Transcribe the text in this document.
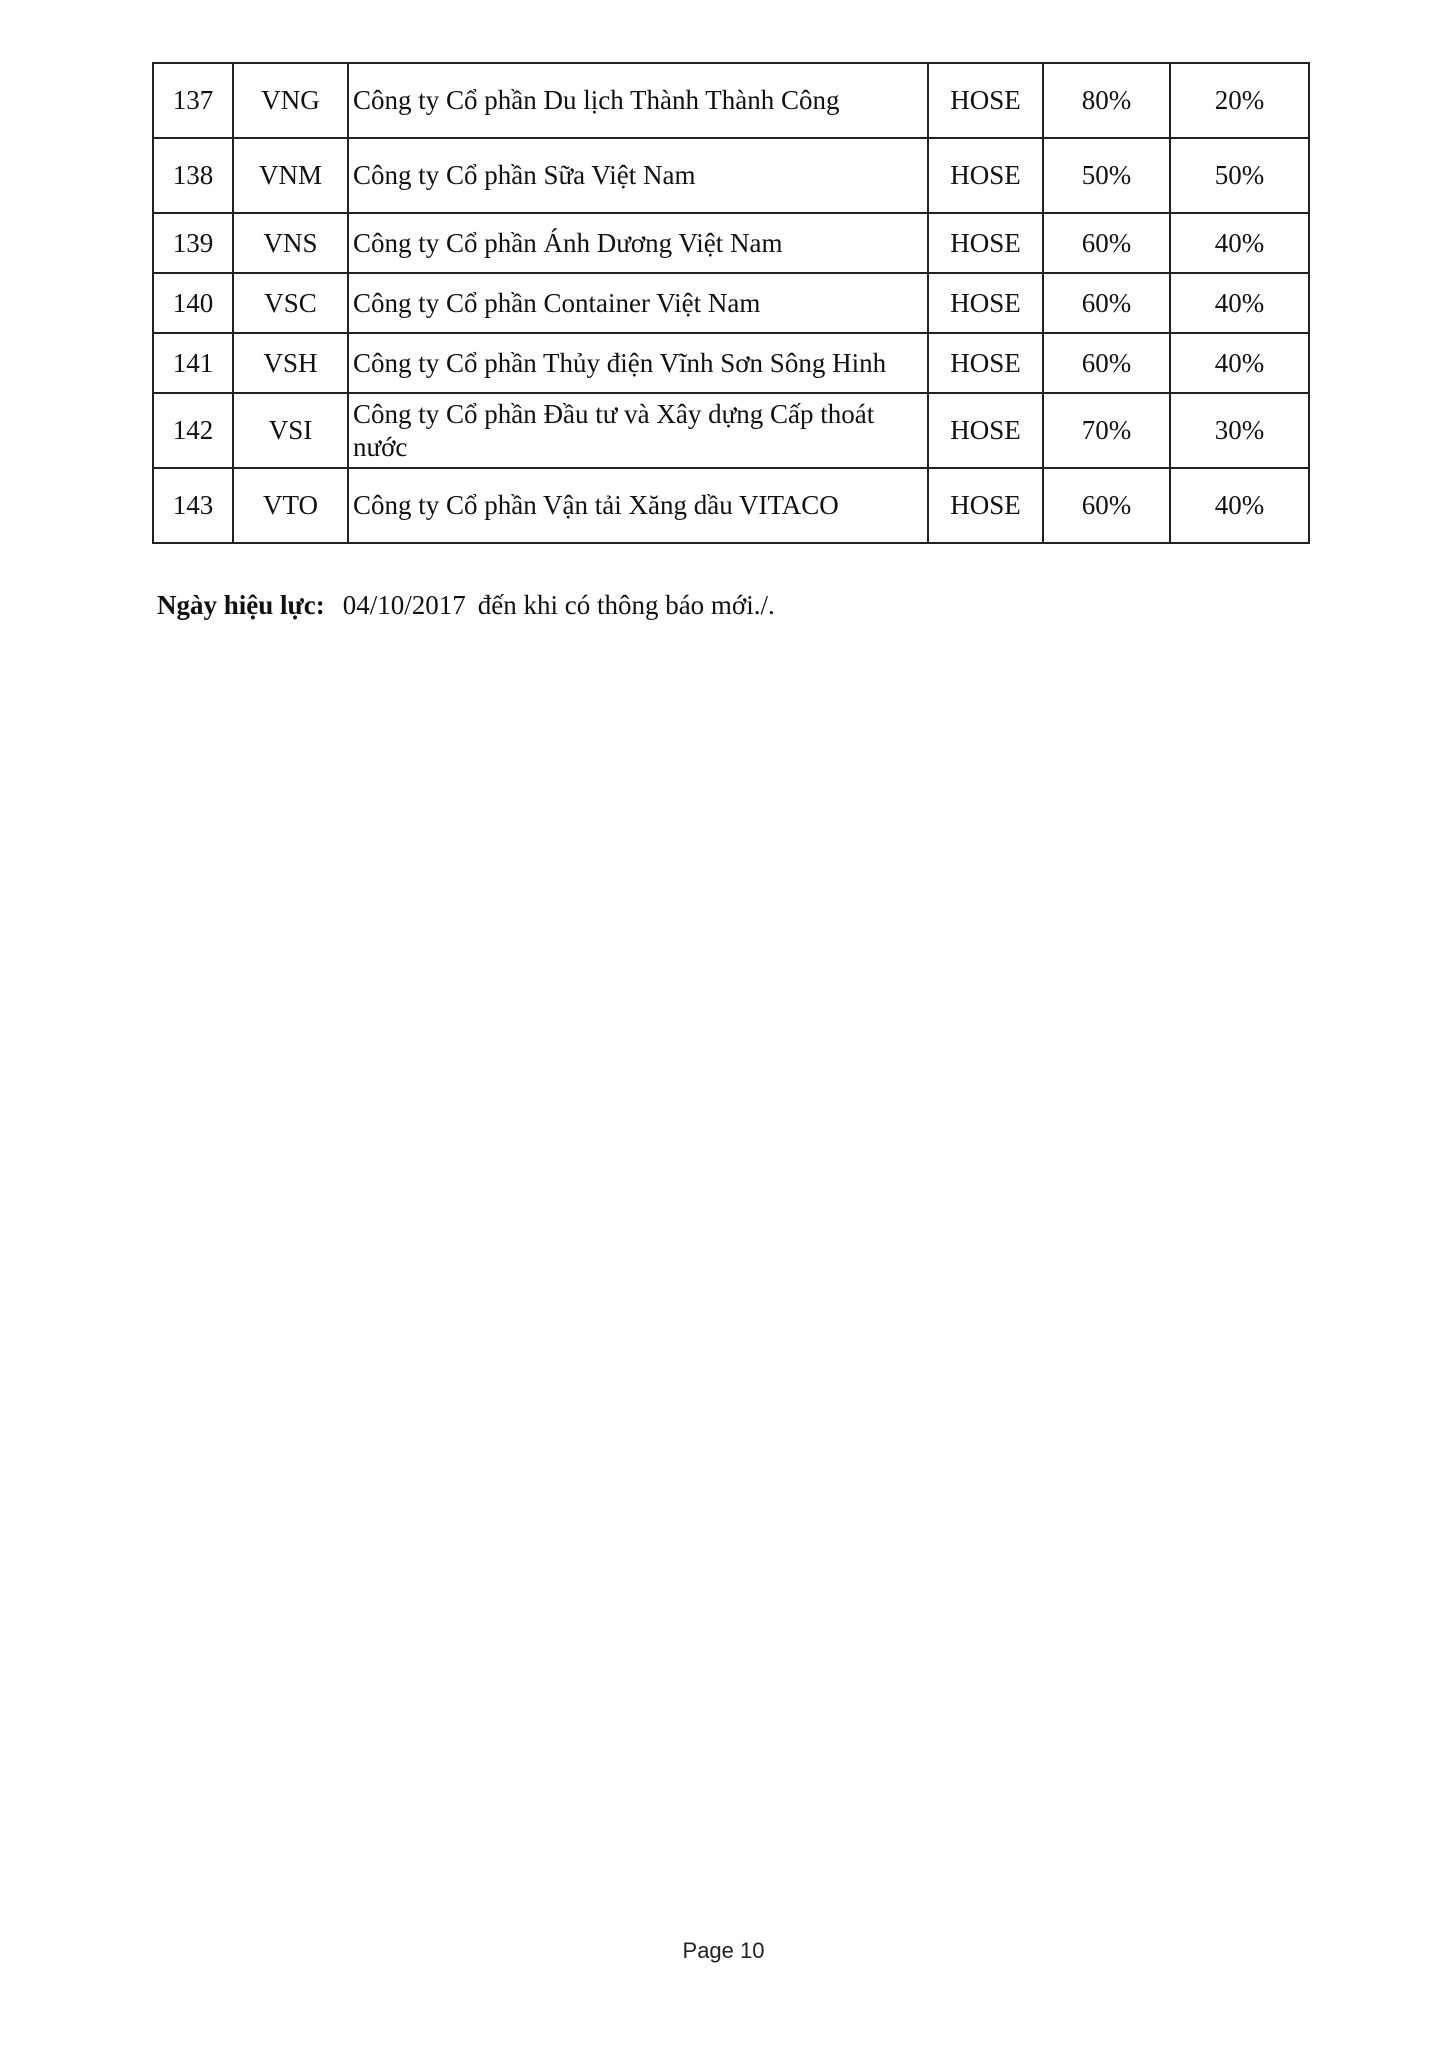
137	VNG	Công ty Cổ phần Du lịch Thành Thành Công	HOSE	80%	20%
138	VNM	Công ty Cổ phần Sữa Việt Nam	HOSE	50%	50%
139	VNS	Công ty Cổ phần Ánh Dương Việt Nam	HOSE	60%	40%
140	VSC	Công ty Cổ phần Container Việt Nam	HOSE	60%	40%
141	VSH	Công ty Cổ phần Thủy điện Vĩnh Sơn Sông Hinh	HOSE	60%	40%
142	VSI	Công ty Cổ phần Đầu tư và Xây dựng Cấp thoát nước	HOSE	70%	30%
143	VTO	Công ty Cổ phần Vận tải Xăng dầu VITACO	HOSE	60%	40%
Ngày hiệu lực: 04/10/2017 đến khi có thông báo mới./.
Page 10
